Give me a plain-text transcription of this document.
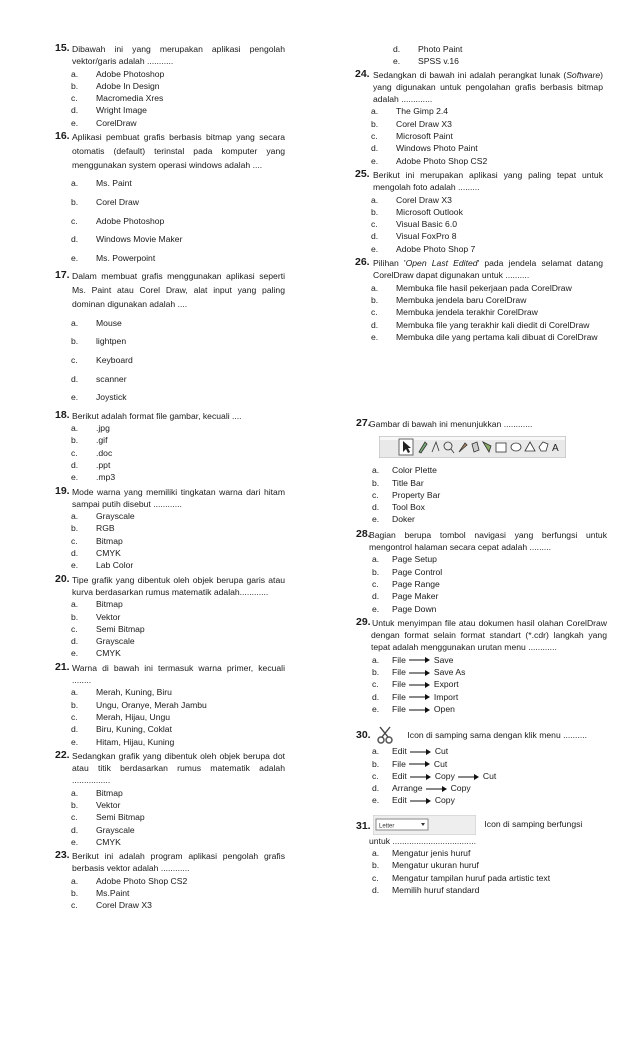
15. Dibawah ini yang merupakan aplikasi pengolah vektor/garis adalah ...........
a.	Adobe Photoshop
b.	Adobe In Design
c.	Macromedia Xres
d.	Wright Image
e.	CorelDraw
16. Aplikasi pembuat grafis berbasis bitmap yang secara otomatis (default) terinstal pada komputer yang menggunakan system operasi windows adalah ....
a.	Ms. Paint
b.	Corel Draw
c.	Adobe Photoshop
d.	Windows Movie Maker
e.	Ms. Powerpoint
17. Dalam membuat grafis menggunakan aplikasi seperti Ms. Paint atau Corel Draw, alat input yang paling dominan digunakan adalah ....
a.	Mouse
b.	lightpen
c.	Keyboard
d.	scanner
e.	Joystick
18. Berikut adalah format file gambar, kecuali ....
a.	.jpg
b.	.gif
c.	.doc
d.	.ppt
e.	.mp3
19. Mode warna yang memiliki tingkatan warna dari hitam sampai putih disebut ............
a.	Grayscale
b.	RGB
c.	Bitmap
d.	CMYK
e.	Lab Color
20. Tipe grafik yang dibentuk oleh objek berupa garis atau kurva berdasarkan rumus matematik adalah............
a.	Bitmap
b.	Vektor
c.	Semi Bitmap
d.	Grayscale
e.	CMYK
21. Warna di bawah ini termasuk warna primer, kecuali ........
a.	Merah, Kuning, Biru
b.	Ungu, Oranye, Merah Jambu
c.	Merah, Hijau, Ungu
d.	Biru, Kuning, Coklat
e.	Hitam, Hijau, Kuning
22. Sedangkan grafik yang dibentuk oleh objek berupa dot atau titik berdasarkan rumus matematik adalah ................
a.	Bitmap
b.	Vektor
c.	Semi Bitmap
d.	Grayscale
e.	CMYK
23. Berikut ini adalah program aplikasi pengolah grafis berbasis vektor adalah ............
a.	Adobe Photo Shop CS2
b.	Ms.Paint
c.	Corel Draw X3
d.	Photo Paint
e.	SPSS v.16
24. Sedangkan di bawah ini adalah perangkat lunak (Software) yang digunakan untuk pengolahan grafis berbasis bitmap adalah .............
a.	The Gimp 2.4
b.	Corel Draw X3
c.	Microsoft Paint
d.	Windows Photo Paint
e.	Adobe Photo Shop CS2
25. Berikut ini merupakan aplikasi yang paling tepat untuk mengolah foto adalah .........
a.	Corel Draw X3
b.	Microsoft Outlook
c.	Visual Basic 6.0
d.	Visual FoxPro 8
e.	Adobe Photo Shop 7
26. Pilihan 'Open Last Edited' pada jendela selamat datang CorelDraw dapat digunakan untuk ..........
a.	Membuka file hasil pekerjaan pada CorelDraw
b.	Membuka jendela baru CorelDraw
c.	Membuka jendela terakhir CorelDraw
d.	Membuka file yang terakhir kali diedit di CorelDraw
e.	Membuka dile yang pertama kali dibuat di CorelDraw
27.
Gambar di bawah ini menunjukkan ............
A
a.	Color Plette
b.	Title Bar
c.	Property Bar
d.	Tool Box
e.	Doker
28.
Bagian berupa tombol navigasi yang berfungsi untuk mengontrol halaman secara cepat adalah .........
a.	Page Setup
b.	Page Control
c.	Page Range
d.	Page Maker
e.	Page Down
29. Untuk menyimpan file atau dokumen hasil olahan CorelDraw dengan format selain format standart (*.cdr) langkah yang tepat adalah menggunakan urutan menu ............
a.	File	Save
b.	File	Save As
c.	File	Export
d.	File	Import
e.	File	Open
30.	Icon di samping sama dengan klik menu ..........
a.	Edit	Cut
b.	File	Cut
c.	Edit	Copy	Cut
d.	Arrange	Copy
e.	Edit	Copy
31. Letter	Icon di samping berfungsi
untuk ...................................
a.	Mengatur jenis huruf
b.	Mengatur ukuran huruf
c.	Mengatur tampilan huruf pada artistic text
d.	Memilih huruf standard
